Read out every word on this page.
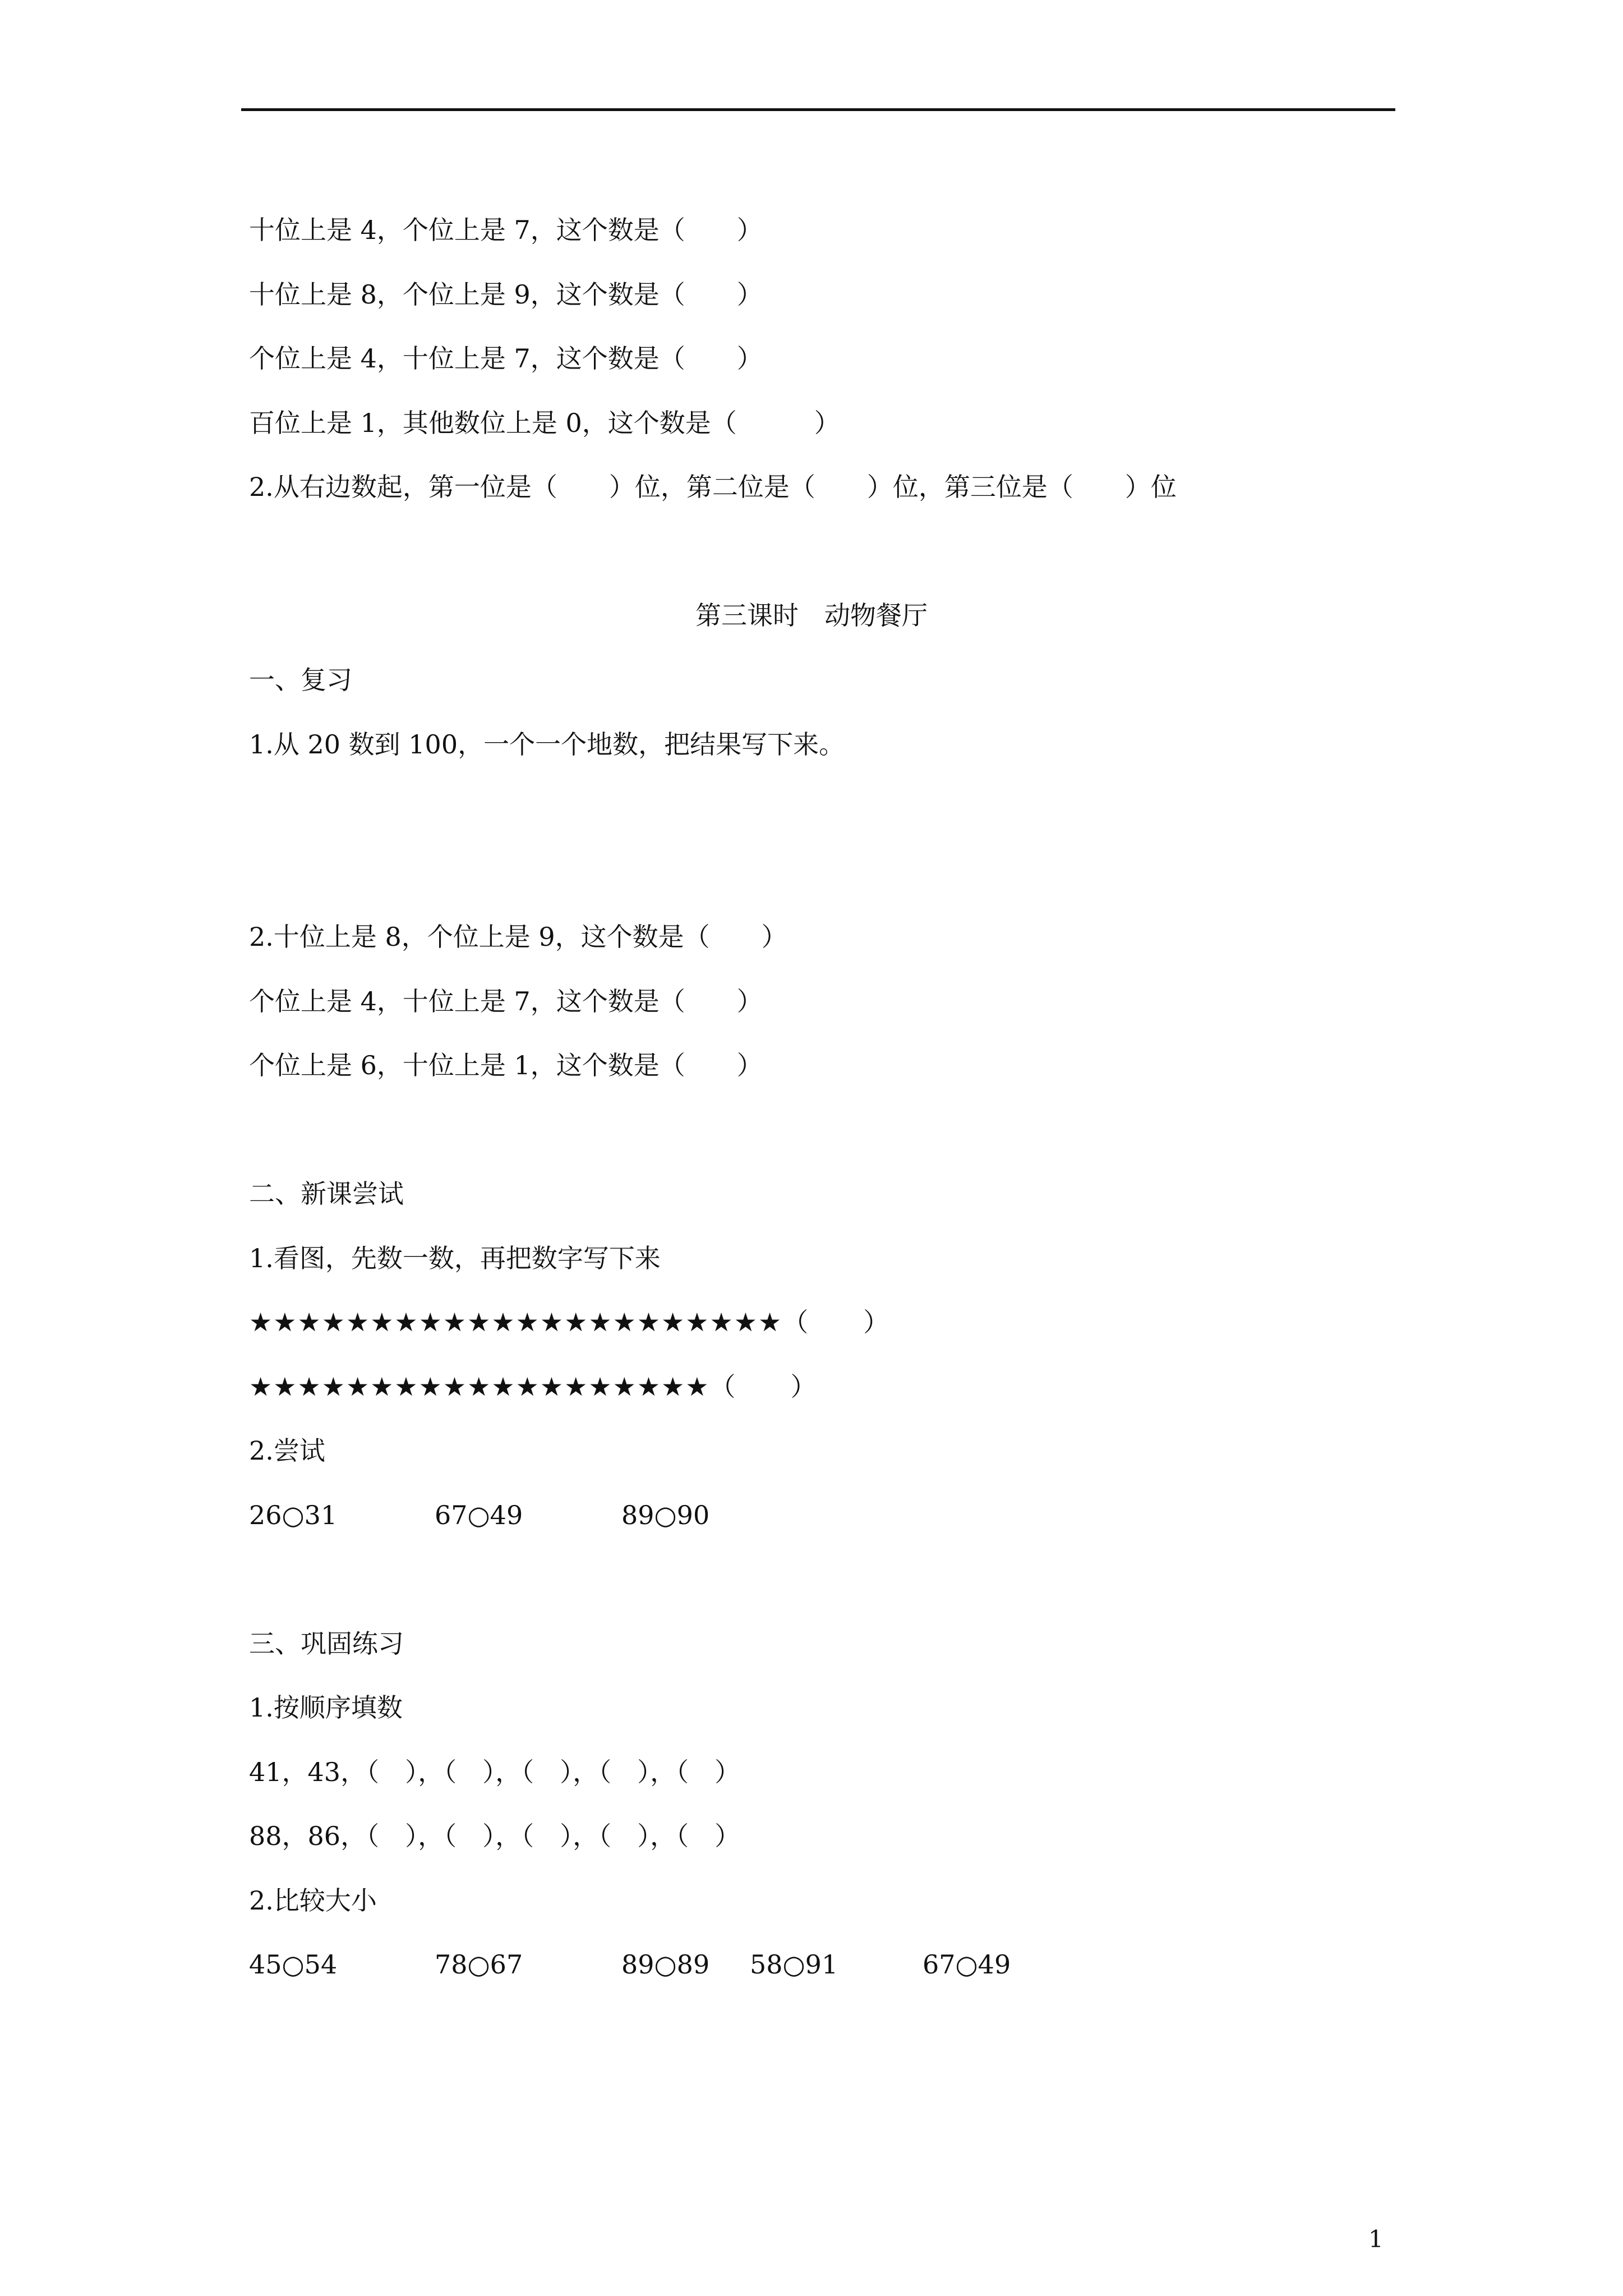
十位上是 4，个位上是 7，这个数是（　　）
十位上是 8，个位上是 9，这个数是（　　）
个位上是 4，十位上是 7，这个数是（　　）
百位上是 1，其他数位上是 0，这个数是（　　　）
2.从右边数起，第一位是（　　）位，第二位是（　　）位，第三位是（　　）位
第三课时　动物餐厅
一、复习
1.从 20 数到 100，一个一个地数，把结果写下来。
2.十位上是 8，个位上是 9，这个数是（　　）
个位上是 4，十位上是 7，这个数是（　　）
个位上是 6，十位上是 1，这个数是（　　）
二、新课尝试
1.看图，先数一数，再把数字写下来
★★★★★★★★★★★★★★★★★★★★★★（　　）
★★★★★★★★★★★★★★★★★★★（　　）
2.尝试
26○31	67○49	89○90
三、巩固练习
1.按顺序填数
41，43，（　），（　），（　），（　），（　）
88，86，（　），（　），（　），（　），（　）
2.比较大小
45○54	78○67	89○89 58○91	67○49
1
